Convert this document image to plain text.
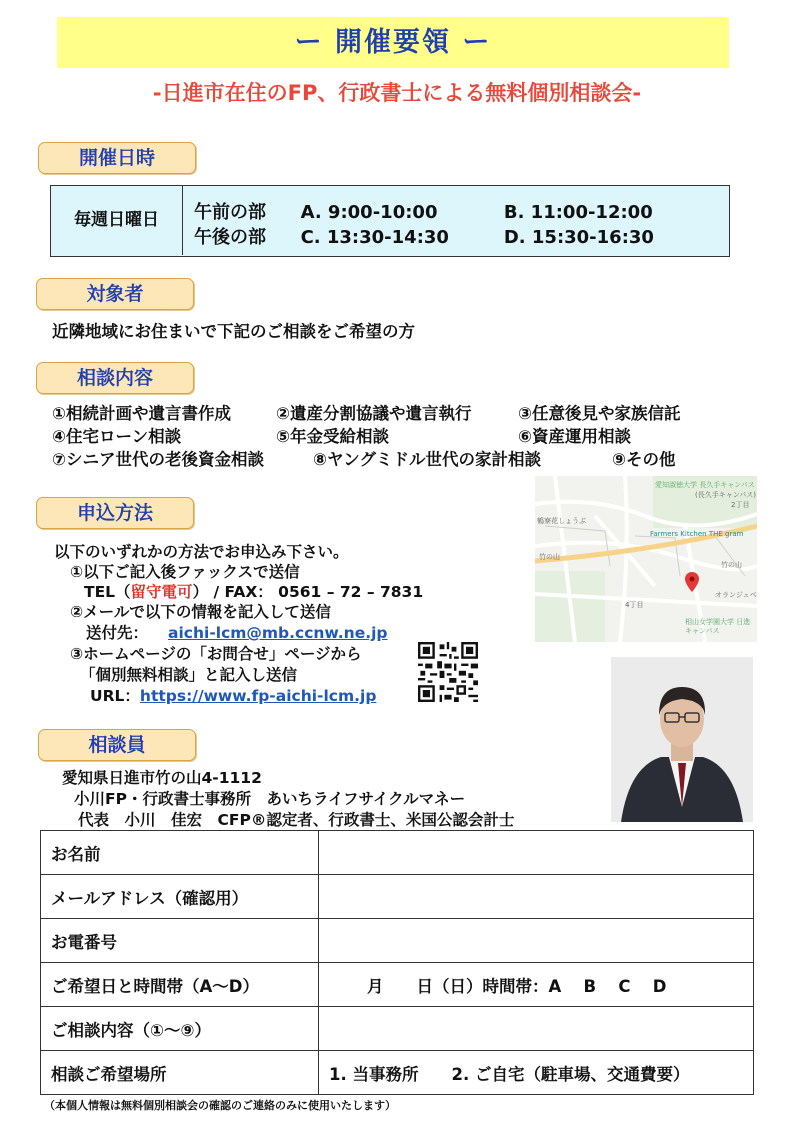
ー 開催要領 ー
-日進市在住のFP、行政書士による無料個別相談会-
開催日時
毎週日曜日	午前の部 A. 9:00-10:00	B. 11:00-12:00
午後の部 C. 13:30-14:30	D. 15:30-16:30
対象者
近隣地域にお住まいで下記のご相談をご希望の方
相談内容
①相続計画や遺言書作成	②遺産分割協議や遺言執行	③任意後見や家族信託
④住宅ローン相談	⑤年金受給相談	⑥資産運用相談
⑦シニア世代の老後資金相談	⑧ヤングミドル世代の家計相談	⑨その他
申込方法
以下のいずれかの方法でお申込み下さい。
①以下ご記入後ファックスで送信
TEL（留守電可） / FAX： 0561 – 72 – 7831
②メールで以下の情報を記入して送信
送付先： aichi-lcm@mb.ccnw.ne.jp
③ホームページの「お問合せ」ページから
「個別無料相談」と記入し送信
URL：https://www.fp-aichi-lcm.jp
愛知淑徳大学 長久手キャンパス
(長久手キャンパス)
2丁目
鶴寮花しょうぶ
竹の山
Farmers Kitchen THE gram
竹の山
オランジュベ
4丁目
相山女学園大学 日進キャンパス
相談員
愛知県日進市竹の山4-1112
小川FP・行政書士事務所　あいちライフサイクルマネー
代表　小川　佳宏　CFP®認定者、行政書士、米国公認会計士
お名前	
メールアドレス（確認用）	
お電番号	
ご希望日と時間帯（A〜D）	月　　日（日）時間帯：A　 B　 C　 D
ご相談内容（①〜⑨）	
相談ご希望場所	1. 当事務所　　2. ご自宅（駐車場、交通費要）
（本個人情報は無料個別相談会の確認のご連絡のみに使用いたします）
